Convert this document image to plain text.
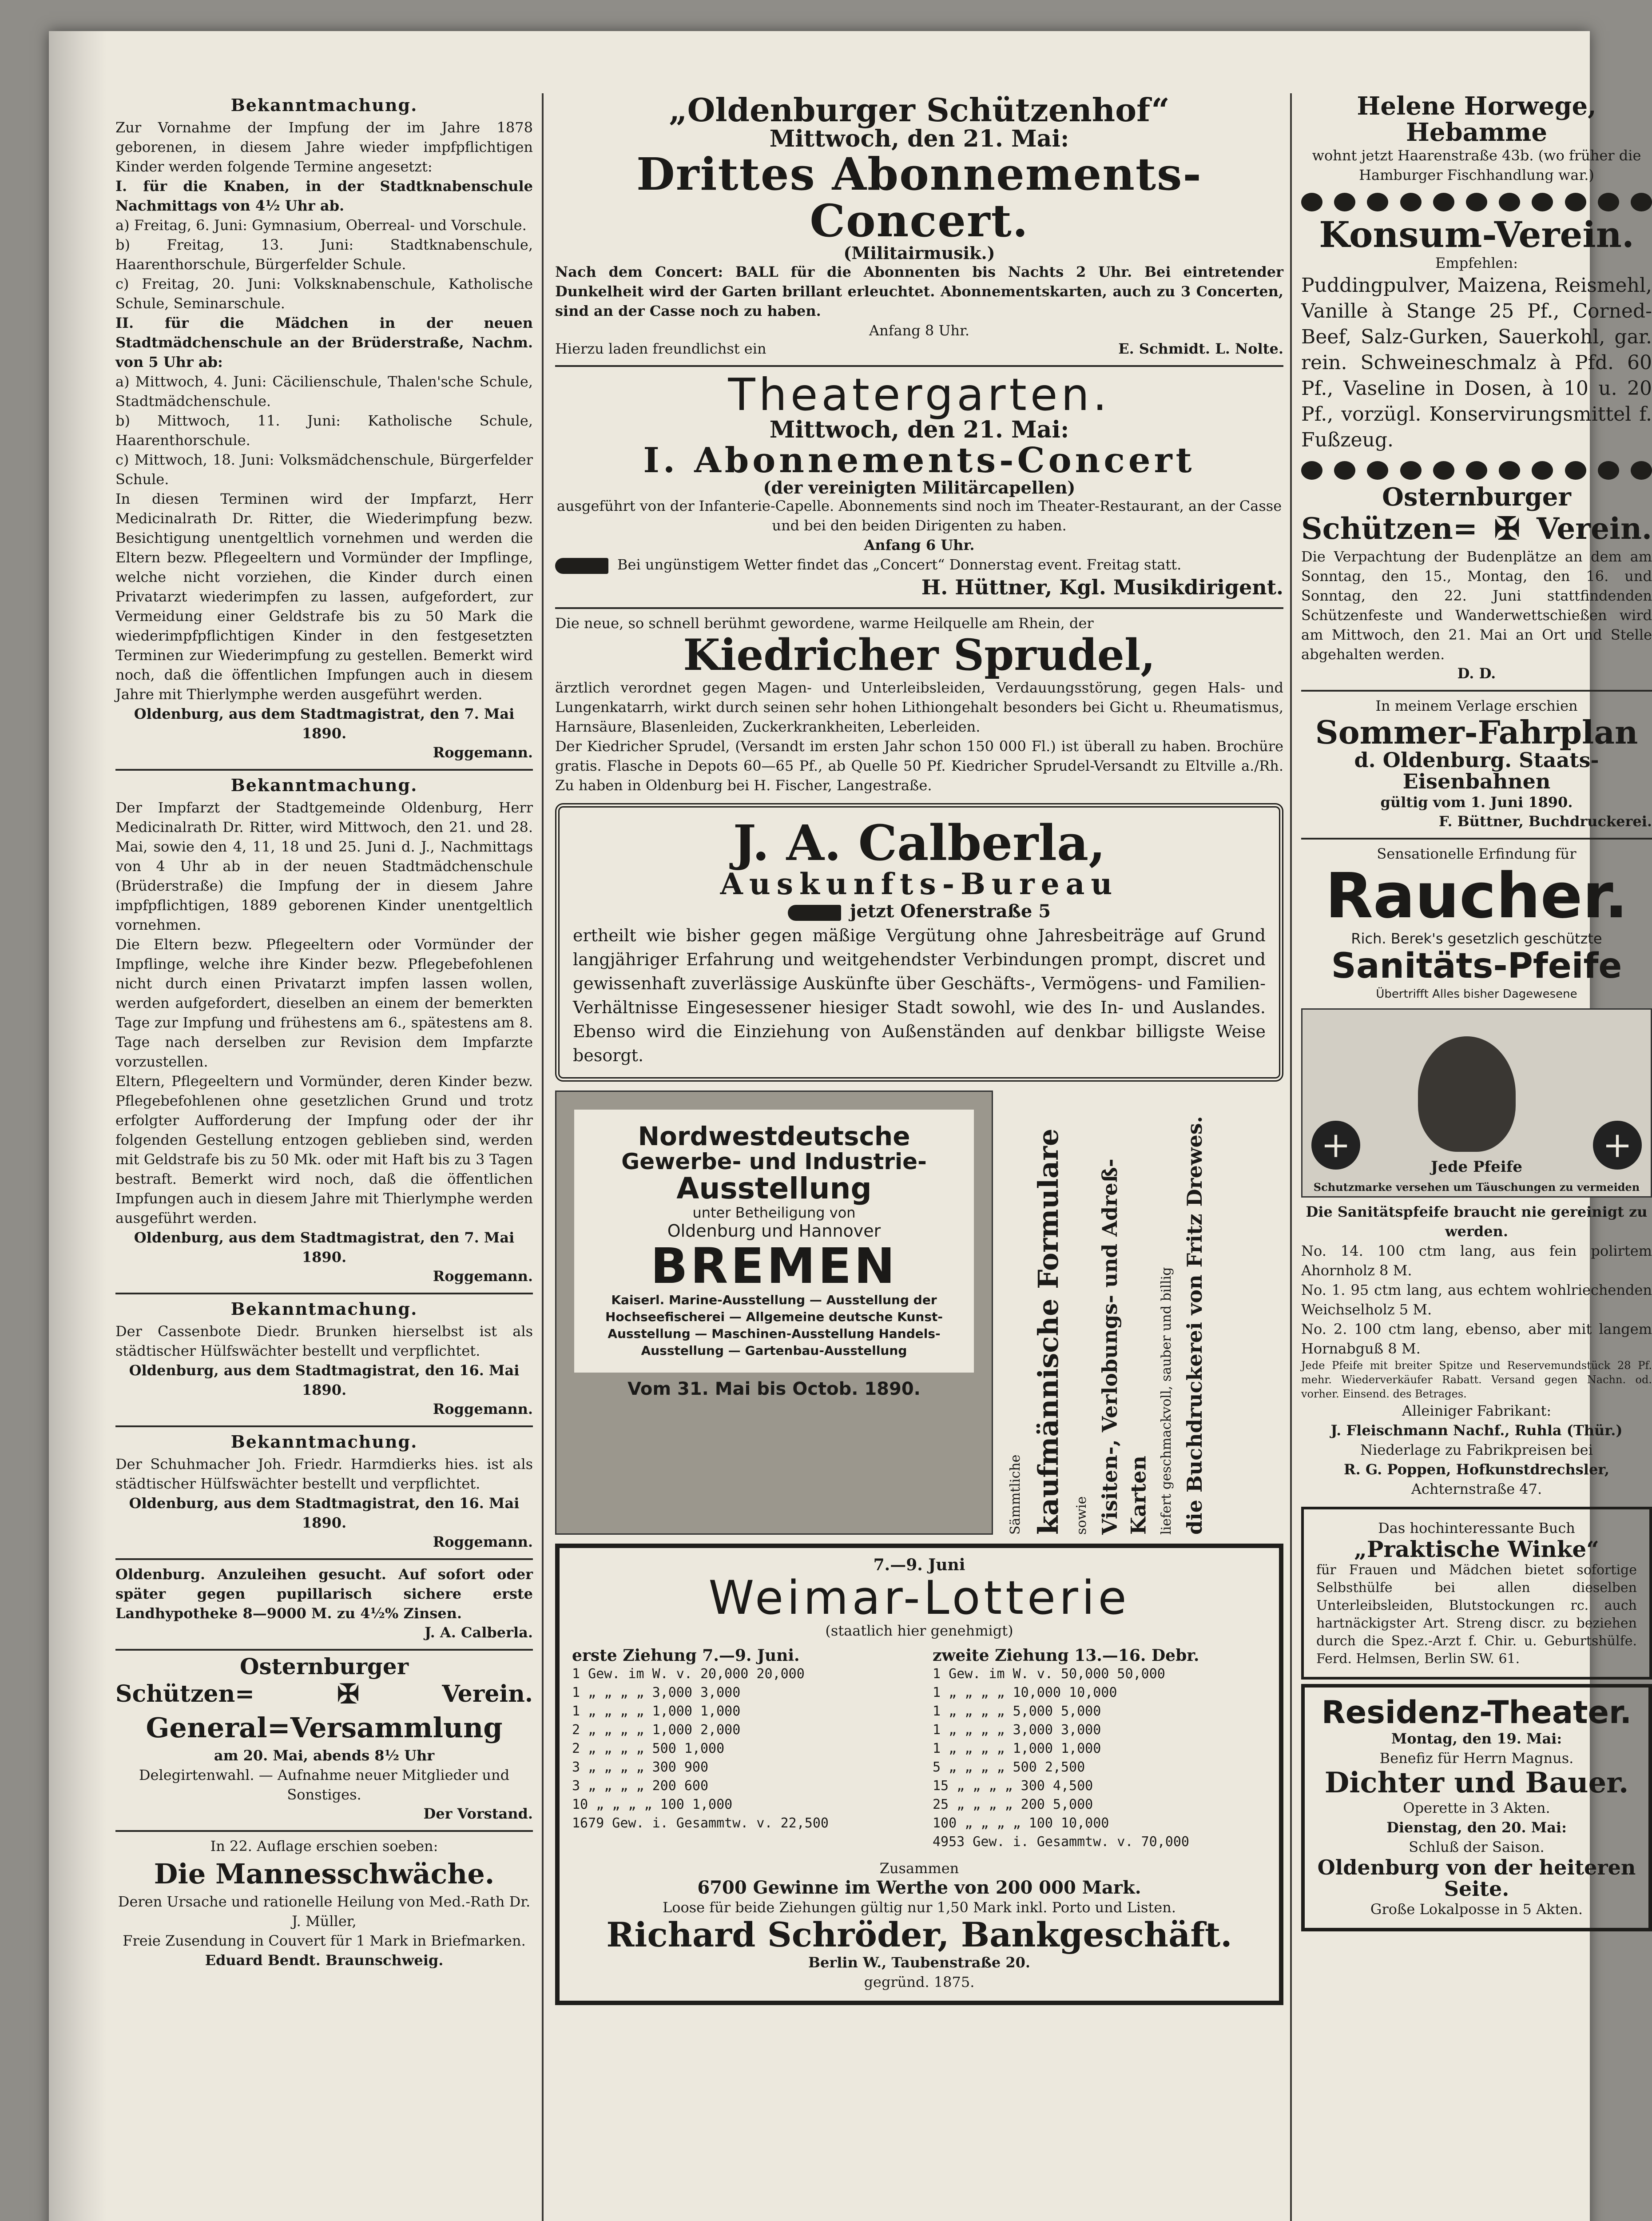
Bekanntmachung.

Zur Vornahme der Impfung der im Jahre 1878 geborenen, in diesem Jahre wieder impfpflichtigen Kinder werden folgende Termine angesetzt:

I. für die Knaben, in der Stadtknabenschule Nachmittags von 4½ Uhr ab.

a) Freitag, 6. Juni: Gymnasium, Oberreal- und Vorschule.

b) Freitag, 13. Juni: Stadtknabenschule, Haarenthorschule, Bürgerfelder Schule.

c) Freitag, 20. Juni: Volksknabenschule, Katholische Schule, Seminarschule.

II. für die Mädchen in der neuen Stadtmädchenschule an der Brüderstraße, Nachm. von 5 Uhr ab:

a) Mittwoch, 4. Juni: Cäcilienschule, Thalen'sche Schule, Stadtmädchenschule.

b) Mittwoch, 11. Juni: Katholische Schule, Haarenthorschule.

c) Mittwoch, 18. Juni: Volksmädchenschule, Bürgerfelder Schule.

In diesen Terminen wird der Impfarzt, Herr Medicinalrath Dr. Ritter, die Wiederimpfung bezw. Besichtigung unentgeltlich vornehmen und werden die Eltern bezw. Pflegeeltern und Vormünder der Impflinge, welche nicht vorziehen, die Kinder durch einen Privatarzt wiederimpfen zu lassen, aufgefordert, zur Vermeidung einer Geldstrafe bis zu 50 Mark die wiederimpfpflichtigen Kinder in den festgesetzten Terminen zur Wiederimpfung zu gestellen. Bemerkt wird noch, daß die öffentlichen Impfungen auch in diesem Jahre mit Thierlymphe werden ausgeführt werden.

Oldenburg, aus dem Stadtmagistrat, den 7. Mai 1890.

Roggemann.

Bekanntmachung.

Der Impfarzt der Stadtgemeinde Oldenburg, Herr Medicinalrath Dr. Ritter, wird Mittwoch, den 21. und 28. Mai, sowie den 4, 11, 18 und 25. Juni d. J., Nachmittags von 4 Uhr ab in der neuen Stadtmädchenschule (Brüderstraße) die Impfung der in diesem Jahre impfpflichtigen, 1889 geborenen Kinder unentgeltlich vornehmen.

Die Eltern bezw. Pflegeeltern oder Vormünder der Impflinge, welche ihre Kinder bezw. Pflegebefohlenen nicht durch einen Privatarzt impfen lassen wollen, werden aufgefordert, dieselben an einem der bemerkten Tage zur Impfung und frühestens am 6., spätestens am 8. Tage nach derselben zur Revision dem Impfarzte vorzustellen.

Eltern, Pflegeeltern und Vormünder, deren Kinder bezw. Pflegebefohlenen ohne gesetzlichen Grund und trotz erfolgter Aufforderung der Impfung oder der ihr folgenden Gestellung entzogen geblieben sind, werden mit Geldstrafe bis zu 50 Mk. oder mit Haft bis zu 3 Tagen bestraft. Bemerkt wird noch, daß die öffentlichen Impfungen auch in diesem Jahre mit Thierlymphe werden ausgeführt werden.

Oldenburg, aus dem Stadtmagistrat, den 7. Mai 1890.

Roggemann.

Bekanntmachung.

Der Cassenbote Diedr. Brunken hierselbst ist als städtischer Hülfswächter bestellt und verpflichtet.

Oldenburg, aus dem Stadtmagistrat, den 16. Mai 1890.

Roggemann.

Bekanntmachung.

Der Schuhmacher Joh. Friedr. Harmdierks hies. ist als städtischer Hülfswächter bestellt und verpflichtet.

Oldenburg, aus dem Stadtmagistrat, den 16. Mai 1890.

Roggemann.

Oldenburg. Anzuleihen gesucht. Auf sofort oder später gegen pupillarisch sichere erste Landhypotheke 8—9000 M. zu 4½% Zinsen.

J. A. Calberla.

Osternburger
Schützen=	✠	Verein.
General=Versammlung

am 20. Mai, abends 8½ Uhr

Delegirtenwahl. — Aufnahme neuer Mitglieder und Sonstiges.

Der Vorstand.

In 22. Auflage erschien soeben:

Die Mannesschwäche.

Deren Ursache und rationelle Heilung von Med.-Rath Dr. J. Müller,

Freie Zusendung in Couvert für 1 Mark in Briefmarken.

Eduard Bendt. Braunschweig.

„Oldenburger Schützenhof“
Mittwoch, den 21. Mai:
Drittes Abonnements-Concert.
(Militairmusik.)

Nach dem Concert: BALL für die Abonnenten bis Nachts 2 Uhr. Bei eintretender Dunkelheit wird der Garten brillant erleuchtet. Abonnementskarten, auch zu 3 Concerten, sind an der Casse noch zu haben.

Anfang 8 Uhr.

Hierzu laden freundlichst ein	E. Schmidt. L. Nolte.
Theatergarten.
Mittwoch, den 21. Mai:
I. Abonnements-Concert
(der vereinigten Militärcapellen)

ausgeführt von der Infanterie-Capelle. Abonnements sind noch im Theater-Restaurant, an der Casse und bei den beiden Dirigenten zu haben.

Anfang 6 Uhr.

Bei ungünstigem Wetter findet das „Concert“ Donnerstag event. Freitag statt.

H. Hüttner, Kgl. Musikdirigent.

Die neue, so schnell berühmt gewordene, warme Heilquelle am Rhein, der

Kiedricher Sprudel,

ärztlich verordnet gegen Magen- und Unterleibsleiden, Verdauungsstörung, gegen Hals- und Lungenkatarrh, wirkt durch seinen sehr hohen Lithiongehalt besonders bei Gicht u. Rheumatismus, Harnsäure, Blasenleiden, Zuckerkrankheiten, Leberleiden.

Der Kiedricher Sprudel, (Versandt im ersten Jahr schon 150 000 Fl.) ist überall zu haben. Brochüre gratis. Flasche in Depots 60—65 Pf., ab Quelle 50 Pf. Kiedricher Sprudel-Versandt zu Eltville a./Rh. Zu haben in Oldenburg bei H. Fischer, Langestraße.

J. A. Calberla,
Auskunfts-Bureau
jetzt Ofenerstraße 5

ertheilt wie bisher gegen mäßige Vergütung ohne Jahresbeiträge auf Grund langjähriger Erfahrung und weitgehendster Verbindungen prompt, discret und gewissenhaft zuverlässige Auskünfte über Geschäfts-, Vermögens- und Familien-Verhältnisse Eingesessener hiesiger Stadt sowohl, wie des In- und Auslandes. Ebenso wird die Einziehung von Außenständen auf denkbar billigste Weise besorgt.

Nordwestdeutsche
Gewerbe- und Industrie-
Ausstellung
unter Betheiligung von
Oldenburg und Hannover
BREMEN
Kaiserl. Marine-Ausstellung — Ausstellung der Hochseefischerei — Allgemeine deutsche Kunst-Ausstellung — Maschinen-Ausstellung Handels-Ausstellung — Gartenbau-Ausstellung
Vom 31. Mai bis Octob. 1890.
Sämmtliche kaufmännische Formulare sowie Visiten-, Verlobungs- und Adreß-Karten liefert geschmackvoll, sauber und billig die Buchdruckerei von Fritz Drewes.
7.—9. Juni
Weimar-Lotterie
(staatlich hier genehmigt)
erste Ziehung 7.—9. Juni.
1 Gew. im W. v. 20,000 20,000
1 „ „ „ „ 3,000 3,000
1 „ „ „ „ 1,000 1,000
2 „ „ „ „ 1,000 2,000
2 „ „ „ „ 500 1,000
3 „ „ „ „ 300 900
3 „ „ „ „ 200 600
10 „ „ „ „ 100 1,000
1679 Gew. i. Gesammtw. v. 22,500
zweite Ziehung 13.—16. Debr.
1 Gew. im W. v. 50,000 50,000
1 „ „ „ „ 10,000 10,000
1 „ „ „ „ 5,000 5,000
1 „ „ „ „ 3,000 3,000
1 „ „ „ „ 1,000 1,000
5 „ „ „ „ 500 2,500
15 „ „ „ „ 300 4,500
25 „ „ „ „ 200 5,000
100 „ „ „ „ 100 10,000
4953 Gew. i. Gesammtw. v. 70,000

Zusammen

6700 Gewinne im Werthe von 200 000 Mark.

Loose für beide Ziehungen gültig nur 1,50 Mark inkl. Porto und Listen.

Richard Schröder, Bankgeschäft.

Berlin W., Taubenstraße 20.

gegründ. 1875.

Helene Horwege, Hebamme

wohnt jetzt Haarenstraße 43b. (wo früher die Hamburger Fischhandlung war.)

Konsum-Verein.

Empfehlen:

Puddingpulver, Maizena, Reismehl, Vanille à Stange 25 Pf., Corned-Beef, Salz-Gurken, Sauerkohl, gar. rein. Schweineschmalz à Pfd. 60 Pf., Vaseline in Dosen, à 10 u. 20 Pf., vorzügl. Konservirungsmittel f. Fußzeug.

Osternburger
Schützen= ✠ Verein.

Die Verpachtung der Budenplätze an dem am Sonntag, den 15., Montag, den 16. und Sonntag, den 22. Juni stattfindenden Schützenfeste und Wanderwettschießen wird am Mittwoch, den 21. Mai an Ort und Stelle abgehalten werden.

D. D.

In meinem Verlage erschien

Sommer-Fahrplan
d. Oldenburg. Staats-Eisenbahnen

gültig vom 1. Juni 1890.

F. Büttner, Buchdruckerei.

Sensationelle Erfindung für

Raucher.

Rich. Berek's gesetzlich geschützte

Sanitäts-Pfeife

Übertrifft Alles bisher Dagewesene

+	+
Jede Pfeife
Schutzmarke versehen um Täuschungen zu vermeiden

Die Sanitätspfeife braucht nie gereinigt zu werden.

No. 14. 100 ctm lang, aus fein polirtem Ahornholz 8 M.

No. 1. 95 ctm lang, aus echtem wohlriechenden Weichselholz 5 M.

No. 2. 100 ctm lang, ebenso, aber mit langem Hornabguß 8 M.

Jede Pfeife mit breiter Spitze und Reservemundstück 28 Pf. mehr. Wiederverkäufer Rabatt. Versand gegen Nachn. od. vorher. Einsend. des Betrages.

Alleiniger Fabrikant:

J. Fleischmann Nachf., Ruhla (Thür.)

Niederlage zu Fabrikpreisen bei

R. G. Poppen, Hofkunstdrechsler,

Achternstraße 47.

Das hochinteressante Buch

„Praktische Winke“

für Frauen und Mädchen bietet sofortige Selbsthülfe bei allen dieselben Unterleibsleiden, Blutstockungen rc. auch hartnäckigster Art. Streng discr. zu beziehen durch die Spez.-Arzt f. Chir. u. Geburtshülfe. Ferd. Helmsen, Berlin SW. 61.

Residenz-Theater.

Montag, den 19. Mai:

Benefiz für Herrn Magnus.

Dichter und Bauer.

Operette in 3 Akten.

Dienstag, den 20. Mai:

Schluß der Saison.

Oldenburg von der heiteren Seite.

Große Lokalposse in 5 Akten.
